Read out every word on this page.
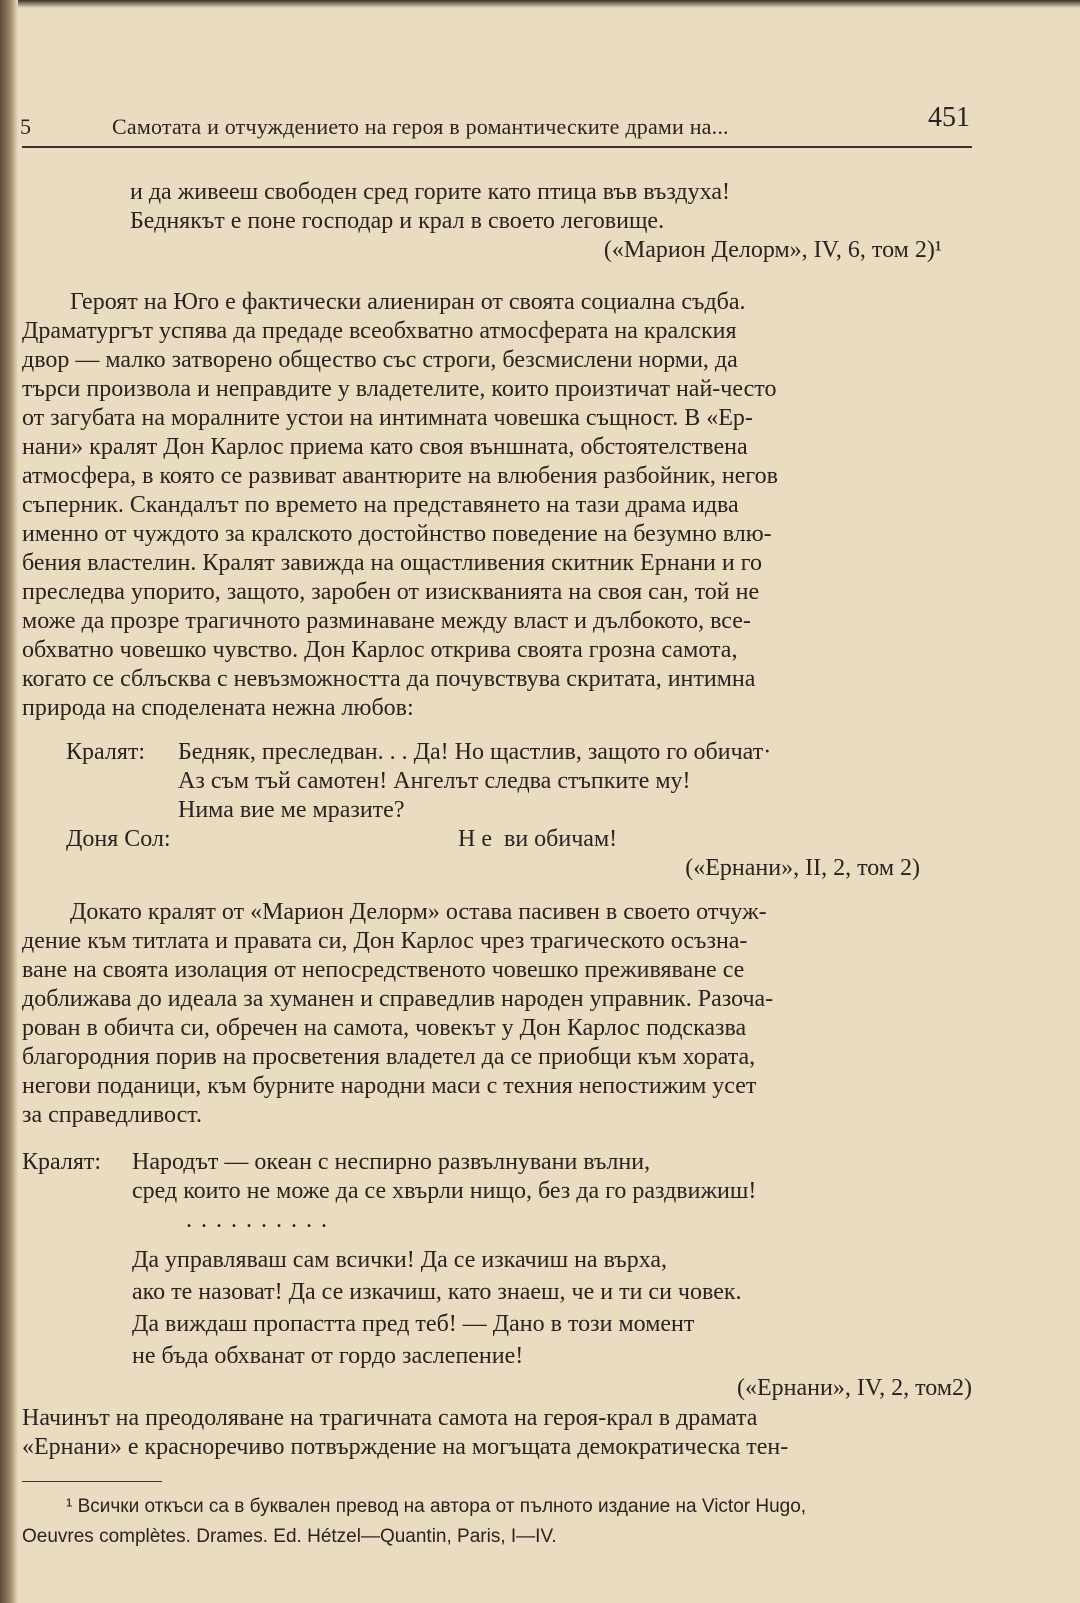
5	Самотата и отчуждението на героя в романтическите драми на...	451
и да живееш свободен сред горите като птица във въздуха!
Беднякът е поне господар и крал в своето леговище.
(«Марион Делорм», IV, 6, том 2)¹
Героят на Юго е фактически алиениран от своята социална съдба.
Драматургът успява да предаде всеобхватно атмосферата на кралския
двор — малко затворено общество със строги, безсмислени норми, да
търси произвола и неправдите у владетелите, които произтичат най-често
от загубата на моралните устои на интимната човешка същност. В «Ер-
нани» кралят Дон Карлос приема като своя външната, обстоятелствена
атмосфера, в която се развиват авантюрите на влюбения разбойник, негов
съперник. Скандалът по времето на представянето на тази драма идва
именно от чуждото за кралското достойнство поведение на безумно влю-
бения властелин. Кралят завижда на ощастливения скитник Ернани и го
преследва упорито, защото, заробен от изискванията на своя сан, той не
може да прозре трагичното разминаване между власт и дълбокото, все-
обхватно човешко чувство. Дон Карлос открива своята грозна самота,
когато се сблъсква с невъзможността да почувствува скритата, интимна
природа на споделената нежна любов:
Кралят: Бедняк, преследван. . . Да! Но щастлив, защото го обичат·
Аз съм тъй самотен! Ангелът следва стъпките му!
Нима вие ме мразите?
Доня Сол:	Н е  ви обичам!
(«Ернани», II, 2, том 2)
Докато кралят от «Марион Делорм» остава пасивен в своето отчуж-
дение към титлата и правата си, Дон Карлос чрез трагическото осъзна-
ване на своята изолация от непосредственото човешко преживяване се
доближава до идеала за хуманен и справедлив народен управник. Разоча-
рован в обичта си, обречен на самота, човекът у Дон Карлос подсказва
благородния порив на просветения владетел да се приобщи към хората,
негови поданици, към бурните народни маси с техния непостижим усет
за справедливост.
Кралят: Народът — океан с неспирно развълнувани вълни,
сред които не може да се хвърли нищо, без да го раздвижиш!
..........
Да управляваш сам всички! Да се изкачиш на върха,
ако те назоват! Да се изкачиш, като знаеш, че и ти си човек.
Да виждаш пропастта пред теб! — Дано в този момент
не бъда обхванат от гордо заслепение!
(«Ернани», IV, 2, том2)
Начинът на преодоляване на трагичната самота на героя-крал в драмата
«Ернани» е красноречиво потвърждение на могъщата демократическа тен-
¹ Всички откъси са в буквален превод на автора от пълното издание на Victor Hugo,
Oeuvres complètes. Drames. Ed. Hétzel—Quantin, Paris, I—IV.
